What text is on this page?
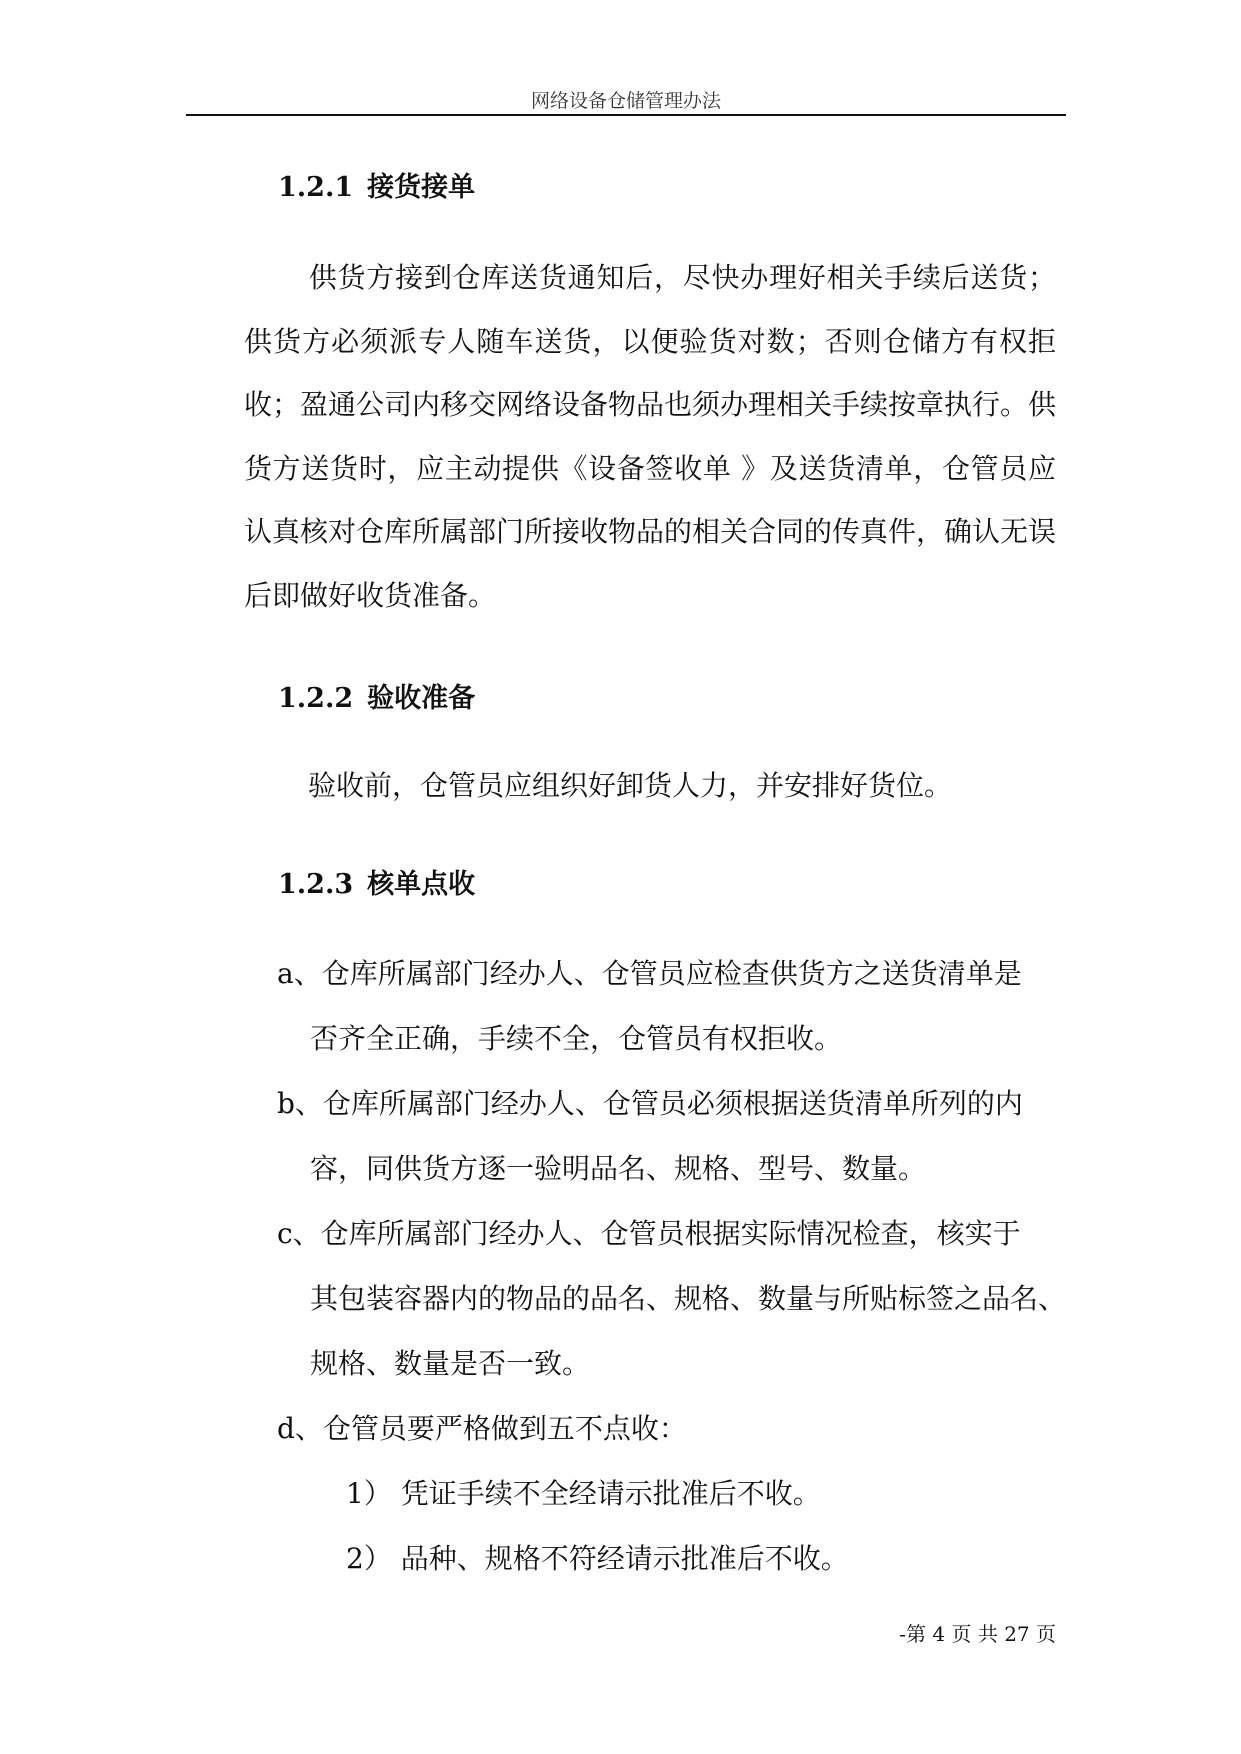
网络设备仓储管理办法
1.2.1 接货接单
供货方接到仓库送货通知后，尽快办理好相关手续后送货；供货方必须派专人随车送货，以便验货对数；否则仓储方有权拒收；盈通公司内移交网络设备物品也须办理相关手续按章执行。供货方送货时，应主动提供《设备签收单 》及送货清单，仓管员应认真核对仓库所属部门所接收物品的相关合同的传真件，确认无误后即做好收货准备。
1.2.2 验收准备
验收前，仓管员应组织好卸货人力，并安排好货位。
1.2.3 核单点收
a、仓库所属部门经办人、仓管员应检查供货方之送货清单是
否齐全正确，手续不全，仓管员有权拒收。
b、仓库所属部门经办人、仓管员必须根据送货清单所列的内
容，同供货方逐一验明品名、规格、型号、数量。
c、仓库所属部门经办人、仓管员根据实际情况检查，核实于
其包装容器内的物品的品名、规格、数量与所贴标签之品名、
规格、数量是否一致。
d、仓管员要严格做到五不点收：
1） 凭证手续不全经请示批准后不收。
2） 品种、规格不符经请示批准后不收。
-第 4 页 共 27 页
